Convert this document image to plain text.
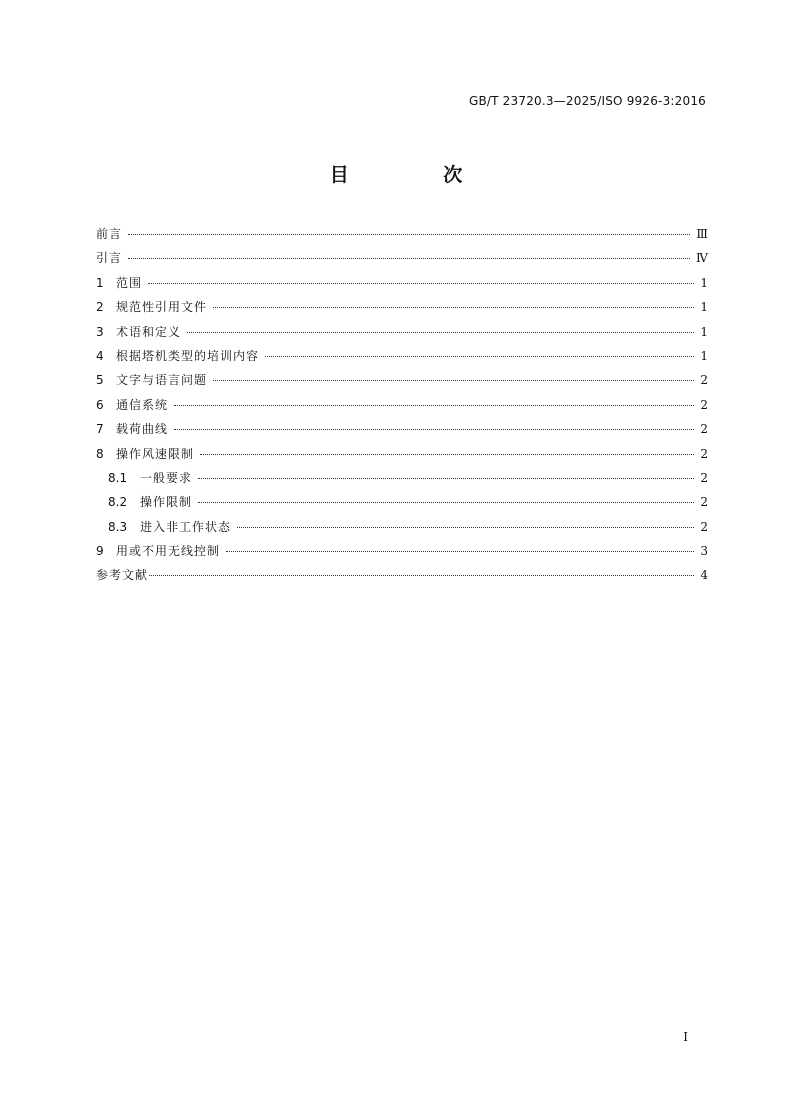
GB/T 23720.3—2025/ISO 9926-3:2016
目 次
前言	Ⅲ
引言	Ⅳ
1	范围	1
2	规范性引用文件	1
3	术语和定义	1
4	根据塔机类型的培训内容	1
5	文字与语言问题	2
6	通信系统	2
7	载荷曲线	2
8	操作风速限制	2
8.1	一般要求	2
8.2	操作限制	2
8.3	进入非工作状态	2
9	用或不用无线控制	3
参考文献	4
I
